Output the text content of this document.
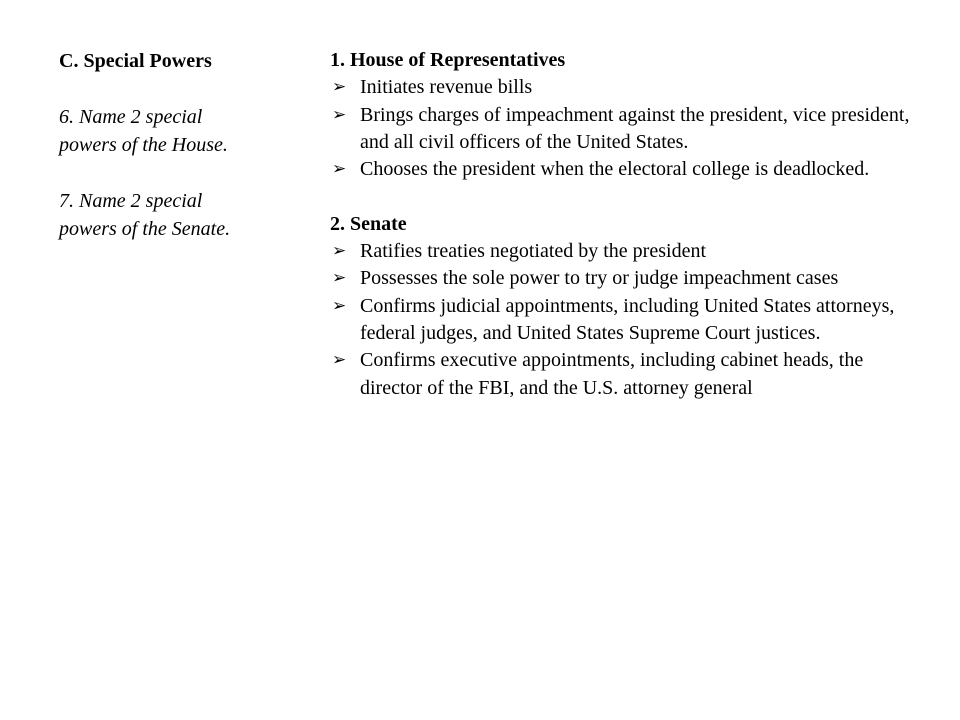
C. Special Powers
6. Name 2 special
powers of the House.
7. Name 2 special
powers of the Senate.
1. House of Representatives
➢ Initiates revenue bills
➢ Brings charges of impeachment against the president, vice president, and all civil officers of the United States.
➢ Chooses the president when the electoral college is deadlocked.
2. Senate
➢ Ratifies treaties negotiated by the president
➢ Possesses the sole power to try or judge impeachment cases
➢ Confirms judicial appointments, including United States attorneys, federal judges, and United States Supreme Court justices.
➢ Confirms executive appointments, including cabinet heads, the director of the FBI, and the U.S. attorney general
